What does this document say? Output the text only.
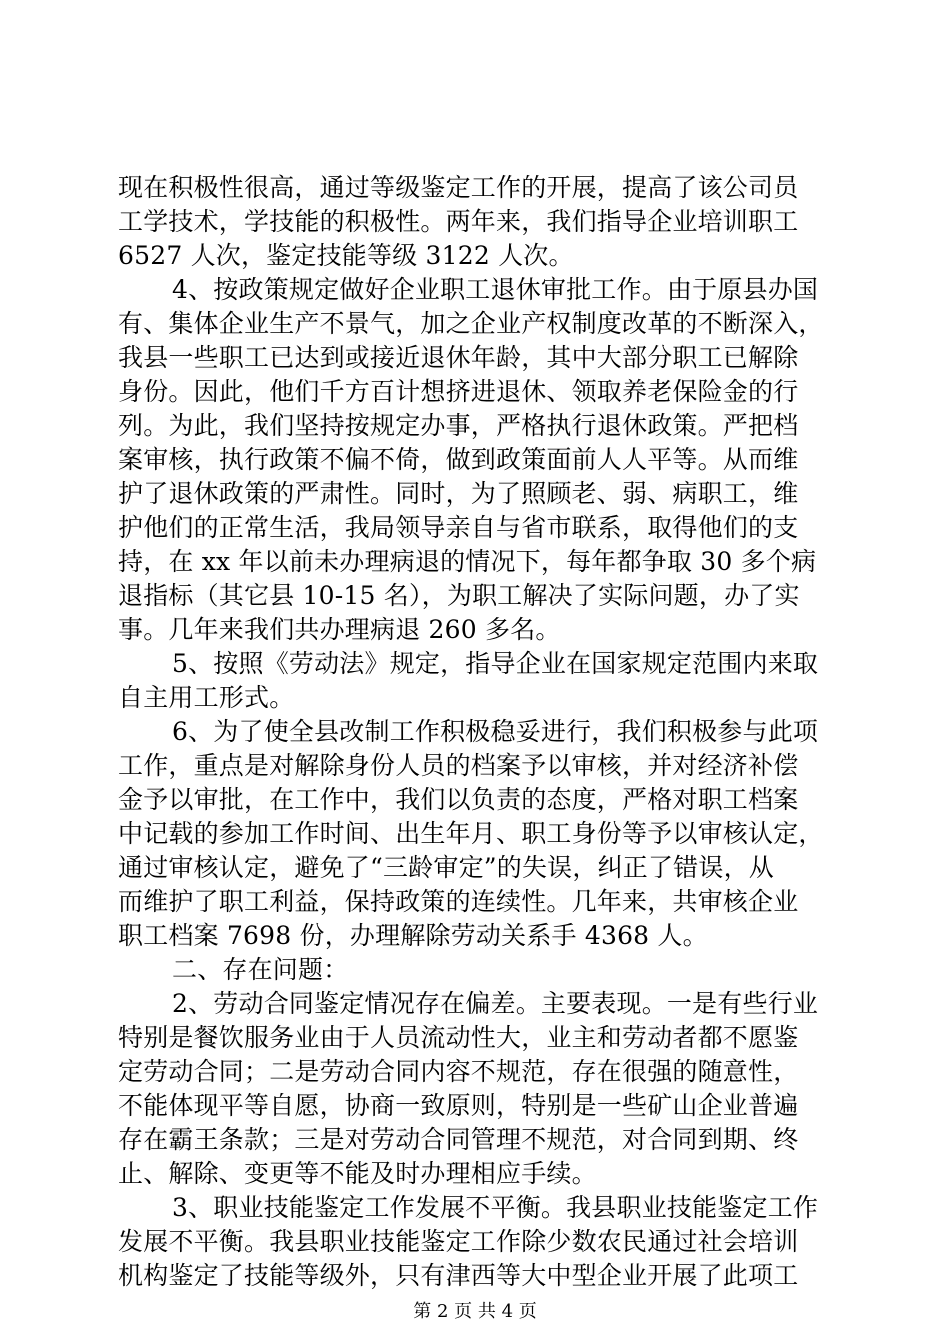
现在积极性很高，通过等级鉴定工作的开展，提高了该公司员
工学技术，学技能的积极性。两年来，我们指导企业培训职工
6527 人次，鉴定技能等级 3122 人次。
4、按政策规定做好企业职工退休审批工作。由于原县办国
有、集体企业生产不景气，加之企业产权制度改革的不断深入，
我县一些职工已达到或接近退休年龄，其中大部分职工已解除
身份。因此，他们千方百计想挤进退休、领取养老保险金的行
列。为此，我们坚持按规定办事，严格执行退休政策。严把档
案审核，执行政策不偏不倚，做到政策面前人人平等。从而维
护了退休政策的严肃性。同时，为了照顾老、弱、病职工，维
护他们的正常生活，我局领导亲自与省市联系，取得他们的支
持，在 xx 年以前未办理病退的情况下，每年都争取 30 多个病
退指标（其它县 10-15 名），为职工解决了实际问题，办了实
事。几年来我们共办理病退 260 多名。
5、按照《劳动法》规定，指导企业在国家规定范围内来取
自主用工形式。
6、为了使全县改制工作积极稳妥进行，我们积极参与此项
工作，重点是对解除身份人员的档案予以审核，并对经济补偿
金予以审批，在工作中，我们以负责的态度，严格对职工档案
中记载的参加工作时间、出生年月、职工身份等予以审核认定，
通过审核认定，避免了“三龄审定”的失误，纠正了错误，从
而维护了职工利益，保持政策的连续性。几年来，共审核企业
职工档案 7698 份，办理解除劳动关系手 4368 人。
二、存在问题：
2、劳动合同鉴定情况存在偏差。主要表现。一是有些行业
特别是餐饮服务业由于人员流动性大，业主和劳动者都不愿鉴
定劳动合同；二是劳动合同内容不规范，存在很强的随意性，
不能体现平等自愿，协商一致原则，特别是一些矿山企业普遍
存在霸王条款；三是对劳动合同管理不规范，对合同到期、终
止、解除、变更等不能及时办理相应手续。
3、职业技能鉴定工作发展不平衡。我县职业技能鉴定工作
发展不平衡。我县职业技能鉴定工作除少数农民通过社会培训
机构鉴定了技能等级外，只有津西等大中型企业开展了此项工
第 2 页 共 4 页
